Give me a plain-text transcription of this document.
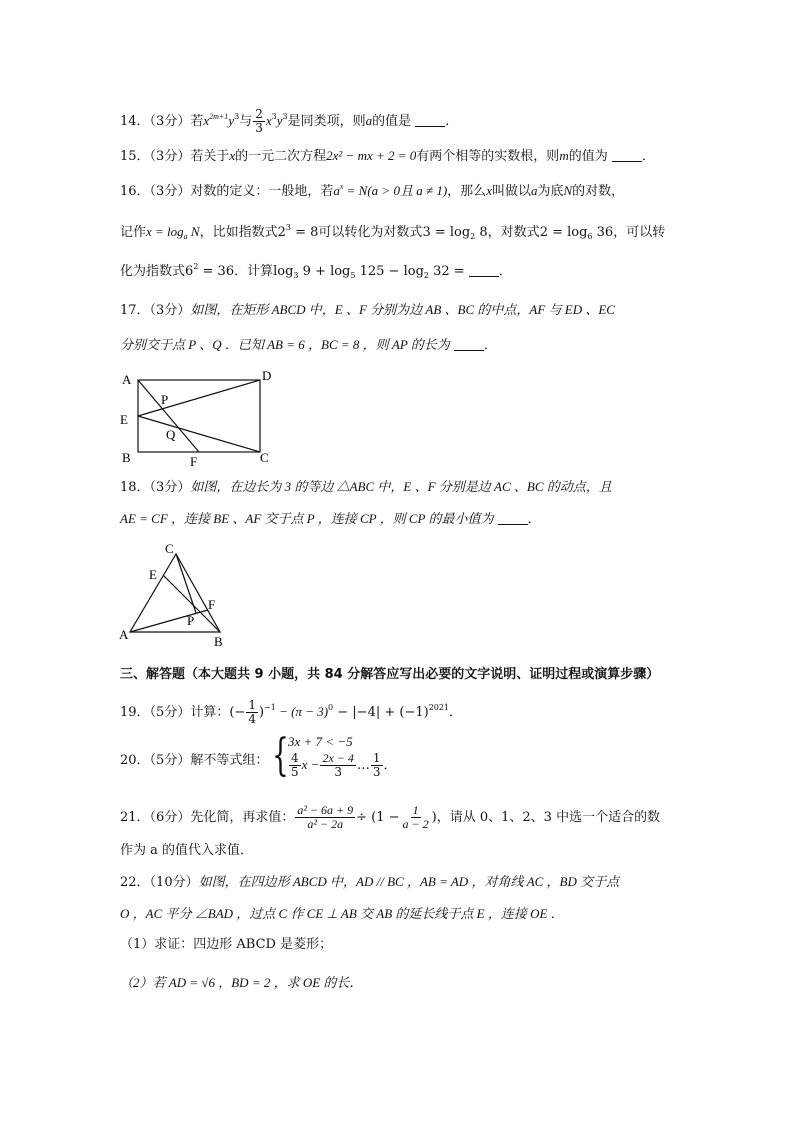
14．（3分）若$x^{2m+1}y^3$与 $\frac{2}{3} x^3y^3$是同类项，则a的值是	．
15．（3分）若关于x的一元二次方程2x² − mx + 2 = 0有两个相等的实数根，则m的值为	．
16．（3分）对数的定义：一般地，若$a^x = N(a > 0$且 a ≠ 1)，那么x叫做以a为底N的对数，
记作$x = \log_a N$，比如指数式$2^3 = 8$可以转化为对数式$3 = \log_2 8$，对数式$2 = \log_6 36$，可以转
化为指数式$6^2 = 36$．计算$\log_3 9 + \log_5 125 - \log_2 32$ =	．
17．（3分）如图，在矩形 ABCD 中，E 、F 分别为边 AB 、BC 的中点，AF 与 ED 、EC
分别交于点 P 、Q ．已知 AB = 6 ，BC = 8 ，则 AP 的长为	．
A	D
E
P
Q
B	F	C
18．（3分）如图，在边长为 3 的等边 △ABC 中，E 、F 分别是边 AC 、BC 的动点，且
AE = CF ，连接 BE 、AF 交于点 P ，连接 CP ，则 CP 的最小值为	．
C
E
F
P
A	B
三、解答题（本大题共 9 小题，共 84 分解答应写出必要的文字说明、证明过程或演算步骤）
19．（5分）计算：(− $\frac{1}{4} )^{-1} - (\pi - 3)^0 - |-4| + (-1)^{2021}$．
20．（5分）解不等式组： { 3x + 7 < −5
$\frac{4}{5}$ $x - \frac{2x - 4}{3}$ … $\frac{1}{3}$ ．
21．（6分）先化简，再求值： $\frac{\text{a² − 6a + 9}}{\text{a² − 2a}} \div (1 - \frac{1}{a - 2}$ )，请从 0、1、2、3 中选一个适合的数
作为 a 的值代入求值．
22．（10分）如图，在四边形 ABCD 中，AD // BC ，AB = AD ，对角线 AC ，BD 交于点
O ，AC 平分 ∠BAD ，过点 C 作 CE ⊥ AB 交 AB 的延长线于点 E ，连接 OE ．
（1）求证：四边形 ABCD 是菱形；
（2）若 AD = √6 ，BD = 2 ，求 OE 的长．
